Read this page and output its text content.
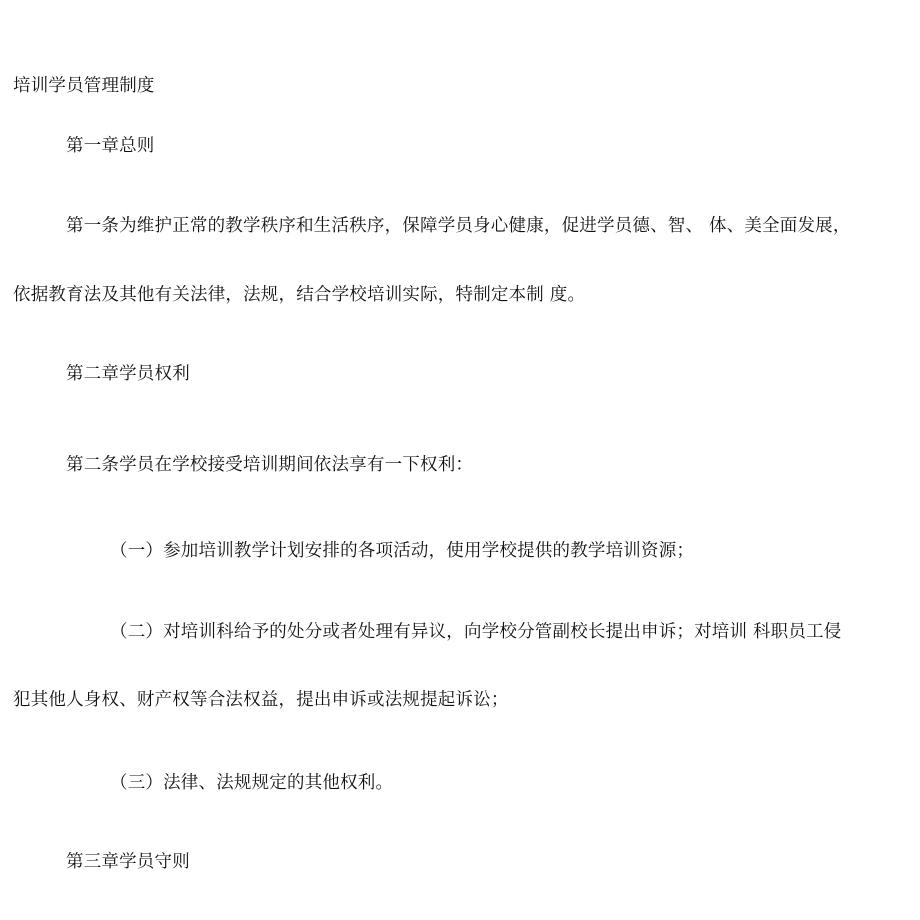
培训学员管理制度
第一章总则
第一条为维护正常的教学秩序和生活秩序，保障学员身心健康，促进学员德、智、 体、美全面发展，
依据教育法及其他有关法律，法规，结合学校培训实际，特制定本制 度。
第二章学员权利
第二条学员在学校接受培训期间依法享有一下权利：
（一）参加培训教学计划安排的各项活动，使用学校提供的教学培训资源；
（二）对培训科给予的处分或者处理有异议，向学校分管副校长提出申诉；对培训 科职员工侵
犯其他人身权、财产权等合法权益，提出申诉或法规提起诉讼；
（三）法律、法规规定的其他权利。
第三章学员守则
